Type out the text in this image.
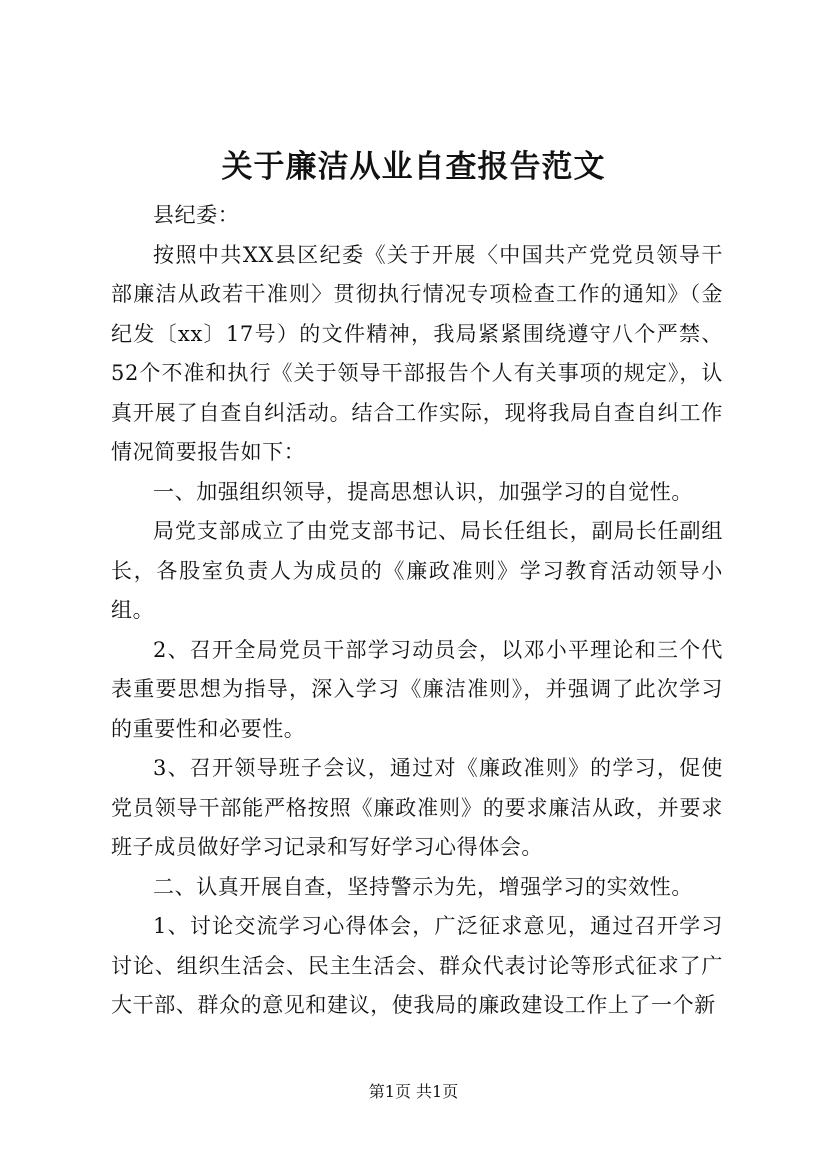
关于廉洁从业自查报告范文

县纪委：

按照中共XX县区纪委《关于开展〈中国共产党党员领导干部廉洁从政若干准则〉贯彻执行情况专项检查工作的通知》（金纪发〔xx〕17号）的文件精神，我局紧紧围绕遵守八个严禁、52个不准和执行《关于领导干部报告个人有关事项的规定》，认真开展了自查自纠活动。结合工作实际，现将我局自查自纠工作情况简要报告如下：

一、加强组织领导，提高思想认识，加强学习的自觉性。

局党支部成立了由党支部书记、局长任组长，副局长任副组长，各股室负责人为成员的《廉政准则》学习教育活动领导小组。

2、召开全局党员干部学习动员会，以邓小平理论和三个代表重要思想为指导，深入学习《廉洁准则》，并强调了此次学习的重要性和必要性。

3、召开领导班子会议，通过对《廉政准则》的学习，促使党员领导干部能严格按照《廉政准则》的要求廉洁从政，并要求班子成员做好学习记录和写好学习心得体会。

二、认真开展自查，坚持警示为先，增强学习的实效性。

1、讨论交流学习心得体会，广泛征求意见，通过召开学习讨论、组织生活会、民主生活会、群众代表讨论等形式征求了广大干部、群众的意见和建议，使我局的廉政建设工作上了一个新

第1页 共1页
